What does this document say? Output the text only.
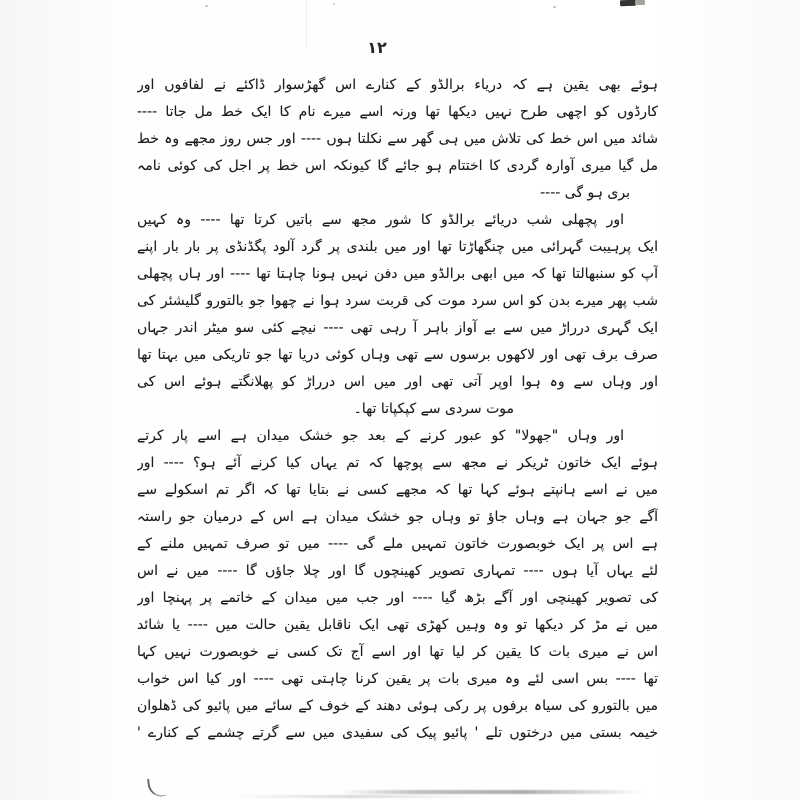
۱۲
ہوئے بھی یقین ہے کہ دریاء برالڈو کے کنارے اس گھڑسوار ڈاکئے نے لفافوں اور
کارڈوں کو اچھی طرح نہیں دیکھا تھا ورنہ اسے میرے نام کا ایک خط مل جاتا ----
شائد میں اس خط کی تلاش میں ہی گھر سے نکلتا ہوں ---- اور جس روز مجھے وہ خط
مل گیا میری آوارہ گردی کا اختتام ہو جائے گا کیونکہ اس خط پر اجل کی کوئی نامہ
بری ہو گی ----
اور پچھلی شب دریائے برالڈو کا شور مجھ سے باتیں کرتا تھا ---- وہ کہیں
ایک پرہیبت گہرائی میں چنگھاڑتا تھا اور میں بلندی پر گرد آلود پگڈنڈی پر بار بار اپنے
آپ کو سنبھالتا تھا کہ میں ابھی برالڈو میں دفن نہیں ہونا چاہتا تھا ---- اور ہاں پچھلی
شب پھر میرے بدن کو اس سرد موت کی قربت سرد ہوا نے چھوا جو بالتورو گلیشئر کی
ایک گہری درراڑ میں سے بے آواز باہر آ رہی تھی ---- نیچے کئی سو میٹر اندر جہاں
صرف برف تھی اور لاکھوں برسوں سے تھی وہاں کوئی دریا تھا جو تاریکی میں بہتا تھا
اور وہاں سے وہ ہوا اوپر آتی تھی اور میں اس درراڑ کو پھلانگتے ہوئے اس کی
موت سردی سے کپکپاتا تھا۔
اور وہاں "جھولا" کو عبور کرنے کے بعد جو خشک میدان ہے اسے پار کرتے
ہوئے ایک خاتون ٹریکر نے مجھ سے پوچھا کہ تم یہاں کیا کرنے آئے ہو؟ ---- اور
میں نے اسے ہانپتے ہوئے کہا تھا کہ مجھے کسی نے بتایا تھا کہ اگر تم اسکولے سے
آگے جو جہان ہے وہاں جاؤ تو وہاں جو خشک میدان ہے اس کے درمیان جو راستہ
ہے اس پر ایک خوبصورت خاتون تمہیں ملے گی ---- میں تو صرف تمہیں ملنے کے
لئے یہاں آیا ہوں ---- تمہاری تصویر کھینچوں گا اور چلا جاؤں گا ---- میں نے اس
کی تصویر کھینچی اور آگے بڑھ گیا ---- اور جب میں میدان کے خاتمے پر پہنچا اور
میں نے مڑ کر دیکھا تو وہ وہیں کھڑی تھی ایک ناقابل یقین حالت میں ---- یا شائد
اس نے میری بات کا یقین کر لیا تھا اور اسے آج تک کسی نے خوبصورت نہیں کہا
تھا ---- بس اسی لئے وہ میری بات پر یقین کرنا چاہتی تھی ---- اور کیا اس خواب
میں بالتورو کی سیاہ برفوں پر رکی ہوئی دھند کے خوف کے سائے میں پائیو کی ڈھلوان
خیمہ بستی میں درختوں تلے ' پائیو پیک کی سفیدی میں سے گرتے چشمے کے کنارے '
